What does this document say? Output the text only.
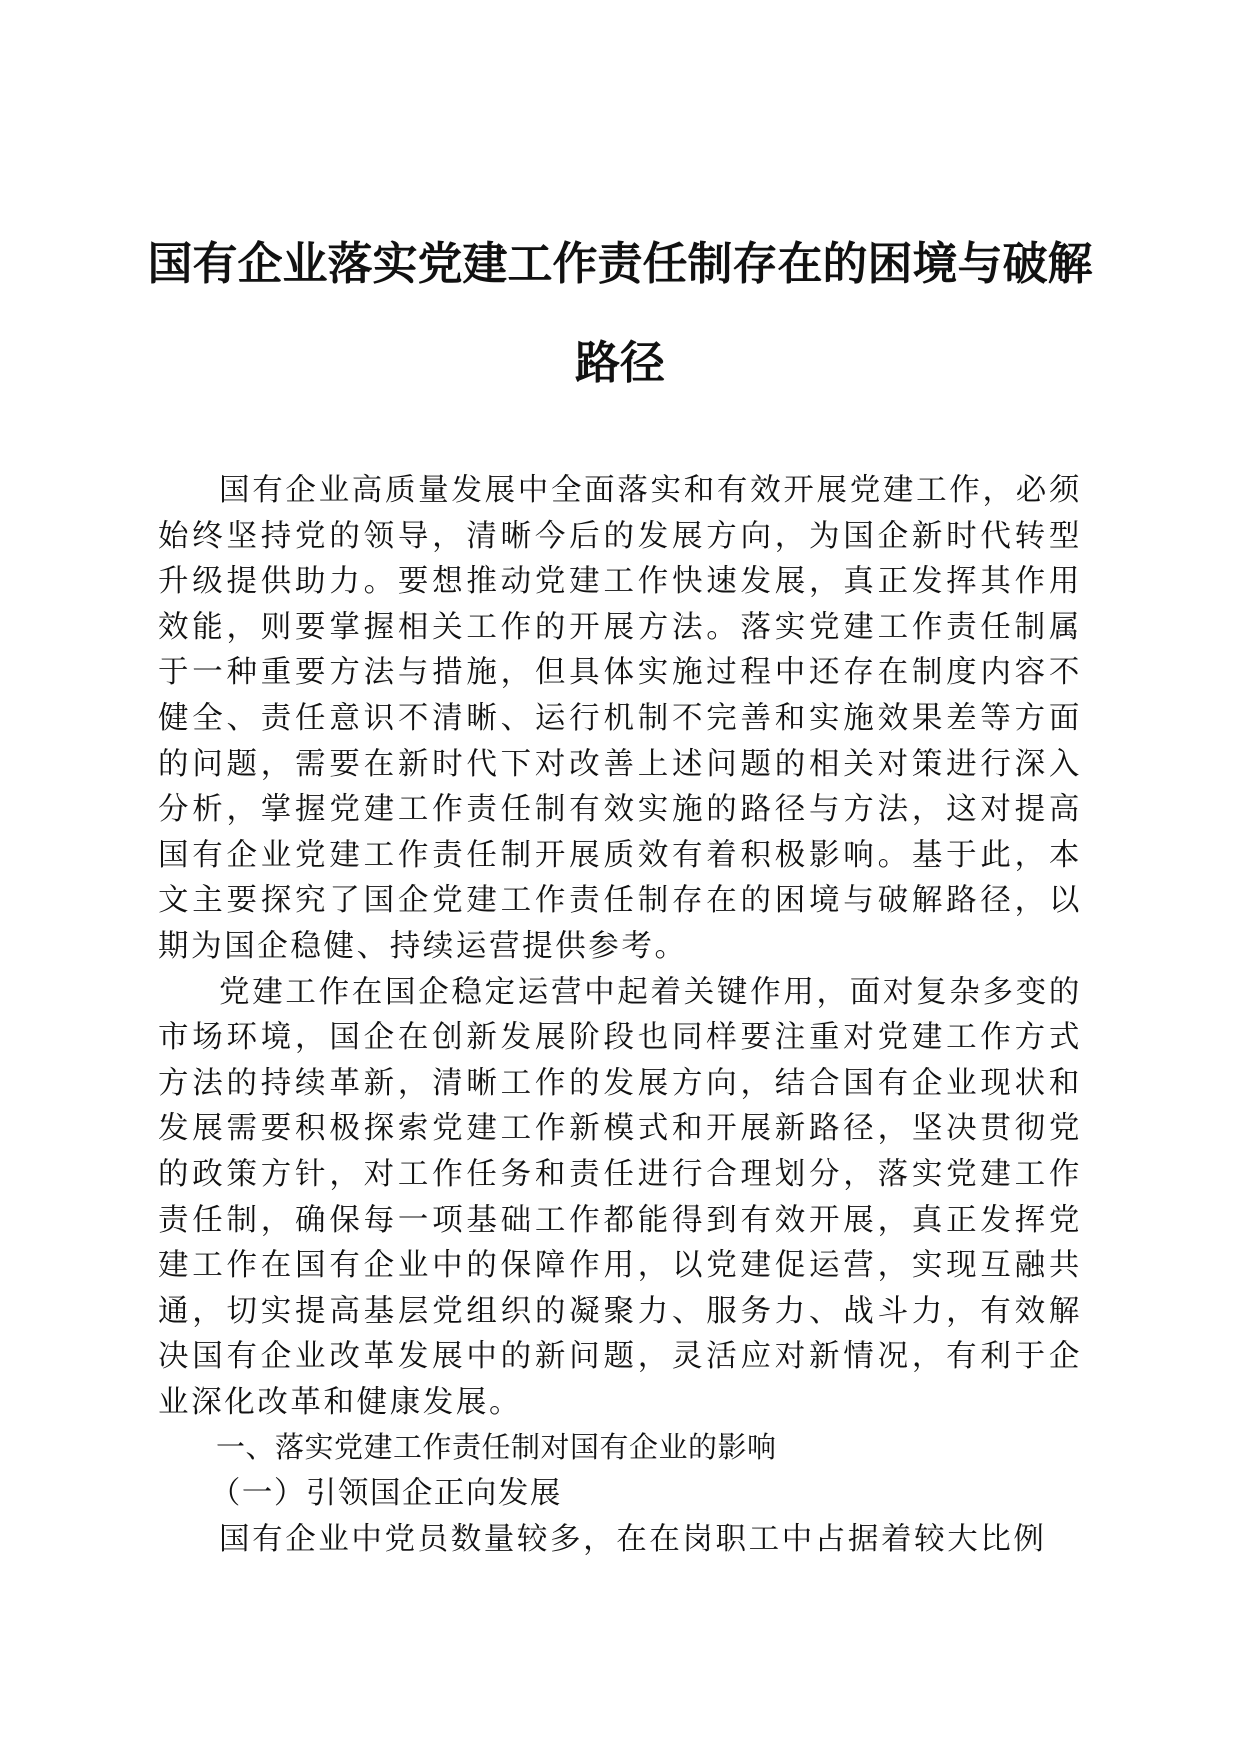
国有企业落实党建工作责任制存在的困境与破解路径

国有企业高质量发展中全面落实和有效开展党建工作，必须始终坚持党的领导，清晰今后的发展方向，为国企新时代转型升级提供助力。要想推动党建工作快速发展，真正发挥其作用效能，则要掌握相关工作的开展方法。落实党建工作责任制属于一种重要方法与措施，但具体实施过程中还存在制度内容不健全、责任意识不清晰、运行机制不完善和实施效果差等方面的问题，需要在新时代下对改善上述问题的相关对策进行深入分析，掌握党建工作责任制有效实施的路径与方法，这对提高国有企业党建工作责任制开展质效有着积极影响。基于此，本文主要探究了国企党建工作责任制存在的困境与破解路径，以期为国企稳健、持续运营提供参考。

党建工作在国企稳定运营中起着关键作用，面对复杂多变的市场环境，国企在创新发展阶段也同样要注重对党建工作方式方法的持续革新，清晰工作的发展方向，结合国有企业现状和发展需要积极探索党建工作新模式和开展新路径，坚决贯彻党的政策方针，对工作任务和责任进行合理划分，落实党建工作责任制，确保每一项基础工作都能得到有效开展，真正发挥党建工作在国有企业中的保障作用，以党建促运营，实现互融共通，切实提高基层党组织的凝聚力、服务力、战斗力，有效解决国有企业改革发展中的新问题，灵活应对新情况，有利于企业深化改革和健康发展。

一、落实党建工作责任制对国有企业的影响

（一）引领国企正向发展

国有企业中党员数量较多，在在岗职工中占据着较大比例
